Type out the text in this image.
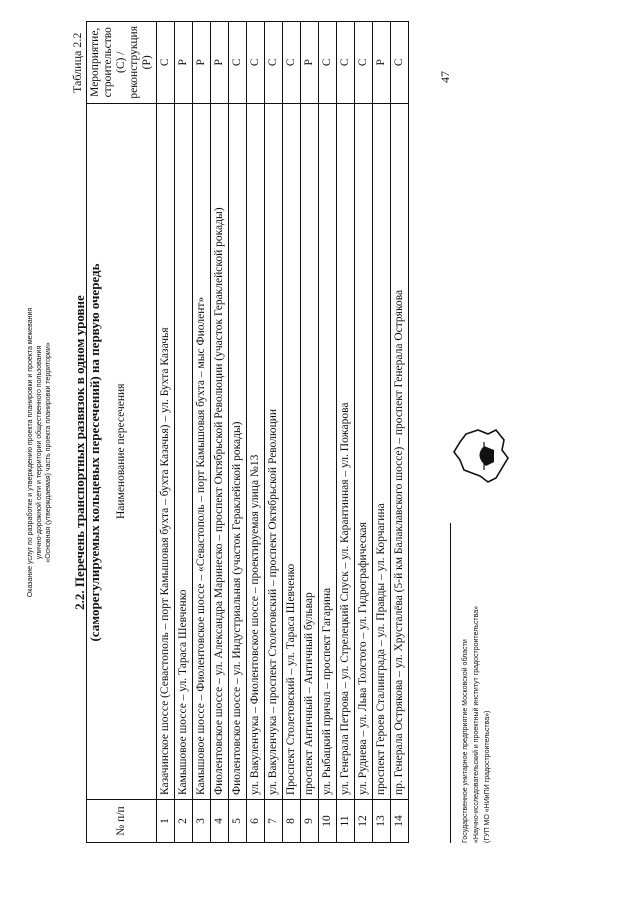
Оказание услуг по разработке и утверждению проекта планировки и проекта межевания улично-дорожной сети и территории общественного пользования «Основная (утверждаемая) часть проекта планировки территории» 2.2. Перечень транспортных развязок в одном уровне (саморегулируемых кольцевых пересечений) на первую очередь
Таблица 2.2
№ п/п	Наименование пересечения	Мероприятие, строительство (С) / реконструкция (Р)
1	Казачинское шоссе (Севастополь – порт Камышовая бухта – бухта Казачья) – ул. Бухта Казачья	С
2	Камышовое шоссе – ул. Тараса Шевченко	Р
3	Камышовое шоссе – Фиолентовское шоссе – «Севастополь – порт Камышовая бухта – мыс Фиолент»	Р
4	Фиолентовское шоссе – ул. Александра Маринеско – проспект Октябрьской Революции (участок Гераклейской рокады)	Р
5	Фиолентовское шоссе – ул. Индустриальная (участок Гераклейской рокады)	С
6	ул. Вакуленчука – Фиолентовское шоссе – проектируемая улица №13	С
7	ул. Вакуленчука – проспект Столетовский – проспект Октябрьской Революции	С
8	Проспект Столетовский – ул. Тараса Шевченко	С
9	проспект Античный – Античный бульвар	Р
10	ул. Рыбацкий причал – проспект Гагарина	С
11	ул. Генерала Петрова – ул. Стрелецкий Спуск – ул. Карантинная – ул. Пожарова	С
12	ул. Руднева – ул. Льва Толстого – ул. Гидрографическая	С
13	проспект Героев Сталинграда – ул. Правды – ул. Корчагина	Р
14	пр. Генерала Острякова – ул. Хрусталёва (5-й км Балаклавского шоссе) – проспект Генерала Острякова	С
Государственное унитарное предприятие Московской области «Научно-исследовательский и проектный институт градостроительства» (ГУП МО «НИиПИ градостроительства»)
47
